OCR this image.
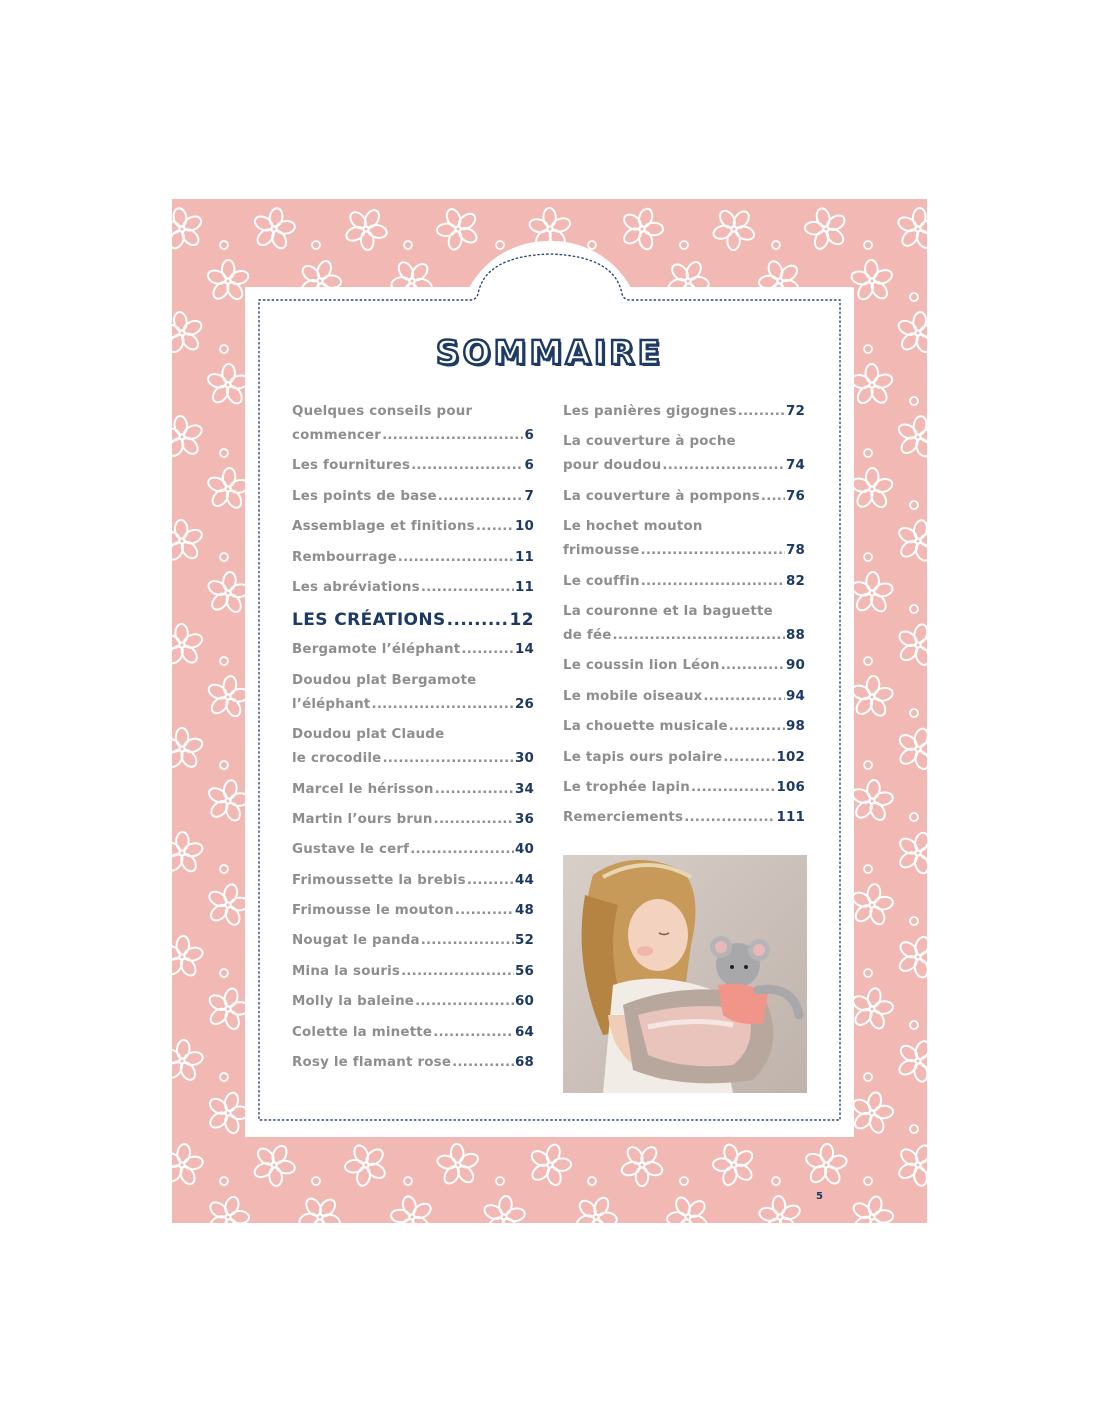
SOMMAIRE
Quelques conseils pour
commencer .....	6
Les fournitures .....	6
Les points de base .....	7
Assemblage et finitions .....	10
Rembourrage .....	11
Les abréviations .....	11
LES CRÉATIONS .....	12
Bergamote l’éléphant .....	14
Doudou plat Bergamote
l’éléphant .....	26
Doudou plat Claude
le crocodile .....	30
Marcel le hérisson .....	34
Martin l’ours brun .....	36
Gustave le cerf .....	40
Frimoussette la brebis .....	44
Frimousse le mouton .....	48
Nougat le panda .....	52
Mina la souris .....	56
Molly la baleine .....	60
Colette la minette .....	64
Rosy le flamant rose .....	68
Les panières gigognes .....	72
La couverture à poche
pour doudou .....	74
La couverture à pompons ..... 76
Le hochet mouton
frimousse .....	78
Le couffin .....	82
La couronne et la baguette
de fée .....	88
Le coussin lion Léon .....	90
Le mobile oiseaux .....	94
La chouette musicale .....	98
Le tapis ours polaire .....	102
Le trophée lapin .....	106
Remerciements .....	111
5
